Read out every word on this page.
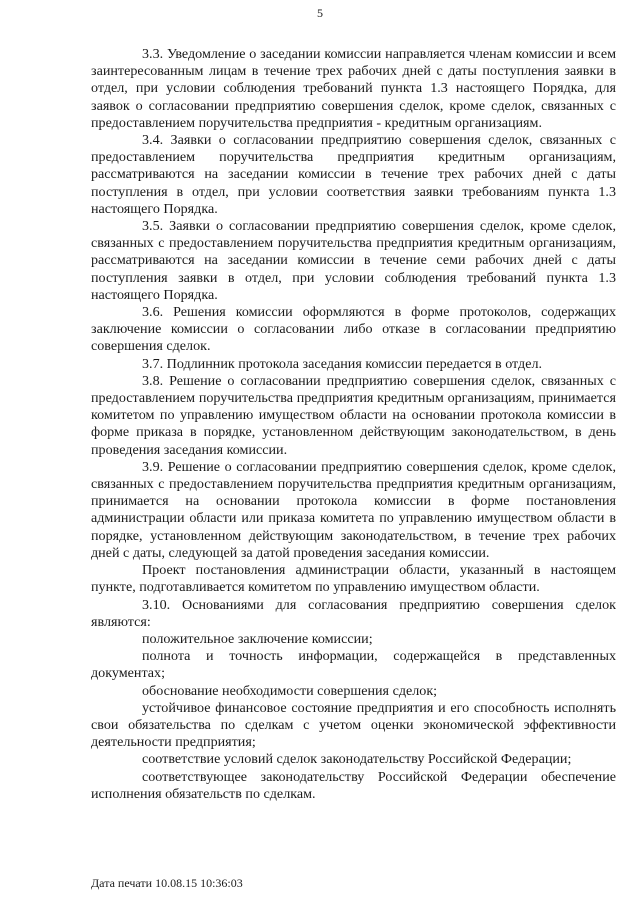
5

3.3. Уведомление о заседании комиссии направляется членам комиссии и всем заинтересованным лицам в течение трех рабочих дней с даты поступления заявки в отдел, при условии соблюдения требований пункта 1.3 настоящего Порядка, для заявок о согласовании предприятию совершения сделок, кроме сделок, связанных с предоставлением поручительства предприятия - кредитным организациям.

3.4. Заявки о согласовании предприятию совершения сделок, связанных с предоставлением поручительства предприятия кредитным организациям, рассматриваются на заседании комиссии в течение трех рабочих дней с даты поступления в отдел, при условии соответствия заявки требованиям пункта 1.3 настоящего Порядка.

3.5. Заявки о согласовании предприятию совершения сделок, кроме сделок, связанных с предоставлением поручительства предприятия кредитным организациям, рассматриваются на заседании комиссии в течение семи рабочих дней с даты поступления заявки в отдел, при условии соблюдения требований пункта 1.3 настоящего Порядка.

3.6. Решения комиссии оформляются в форме протоколов, содержащих заключение комиссии о согласовании либо отказе в согласовании предприятию совершения сделок.

3.7. Подлинник протокола заседания комиссии передается в отдел.

3.8. Решение о согласовании предприятию совершения сделок, связанных с предоставлением поручительства предприятия кредитным организациям, принимается комитетом по управлению имуществом области на основании протокола комиссии в форме приказа в порядке, установленном действующим законодательством, в день проведения заседания комиссии.

3.9. Решение о согласовании предприятию совершения сделок, кроме сделок, связанных с предоставлением поручительства предприятия кредитным организациям, принимается на основании протокола комиссии в форме постановления администрации области или приказа комитета по управлению имуществом области в порядке, установленном действующим законодательством, в течение трех рабочих дней с даты, следующей за датой проведения заседания комиссии.

Проект постановления администрации области, указанный в настоящем пункте, подготавливается комитетом по управлению имуществом области.

3.10. Основаниями для согласования предприятию совершения сделок являются:

положительное заключение комиссии;

полнота и точность информации, содержащейся в представленных документах;

обоснование необходимости совершения сделок;

устойчивое финансовое состояние предприятия и его способность исполнять свои обязательства по сделкам с учетом оценки экономической эффективности деятельности предприятия;

соответствие условий сделок законодательству Российской Федерации;

соответствующее законодательству Российской Федерации обеспечение исполнения обязательств по сделкам.

Дата печати 10.08.15 10:36:03
